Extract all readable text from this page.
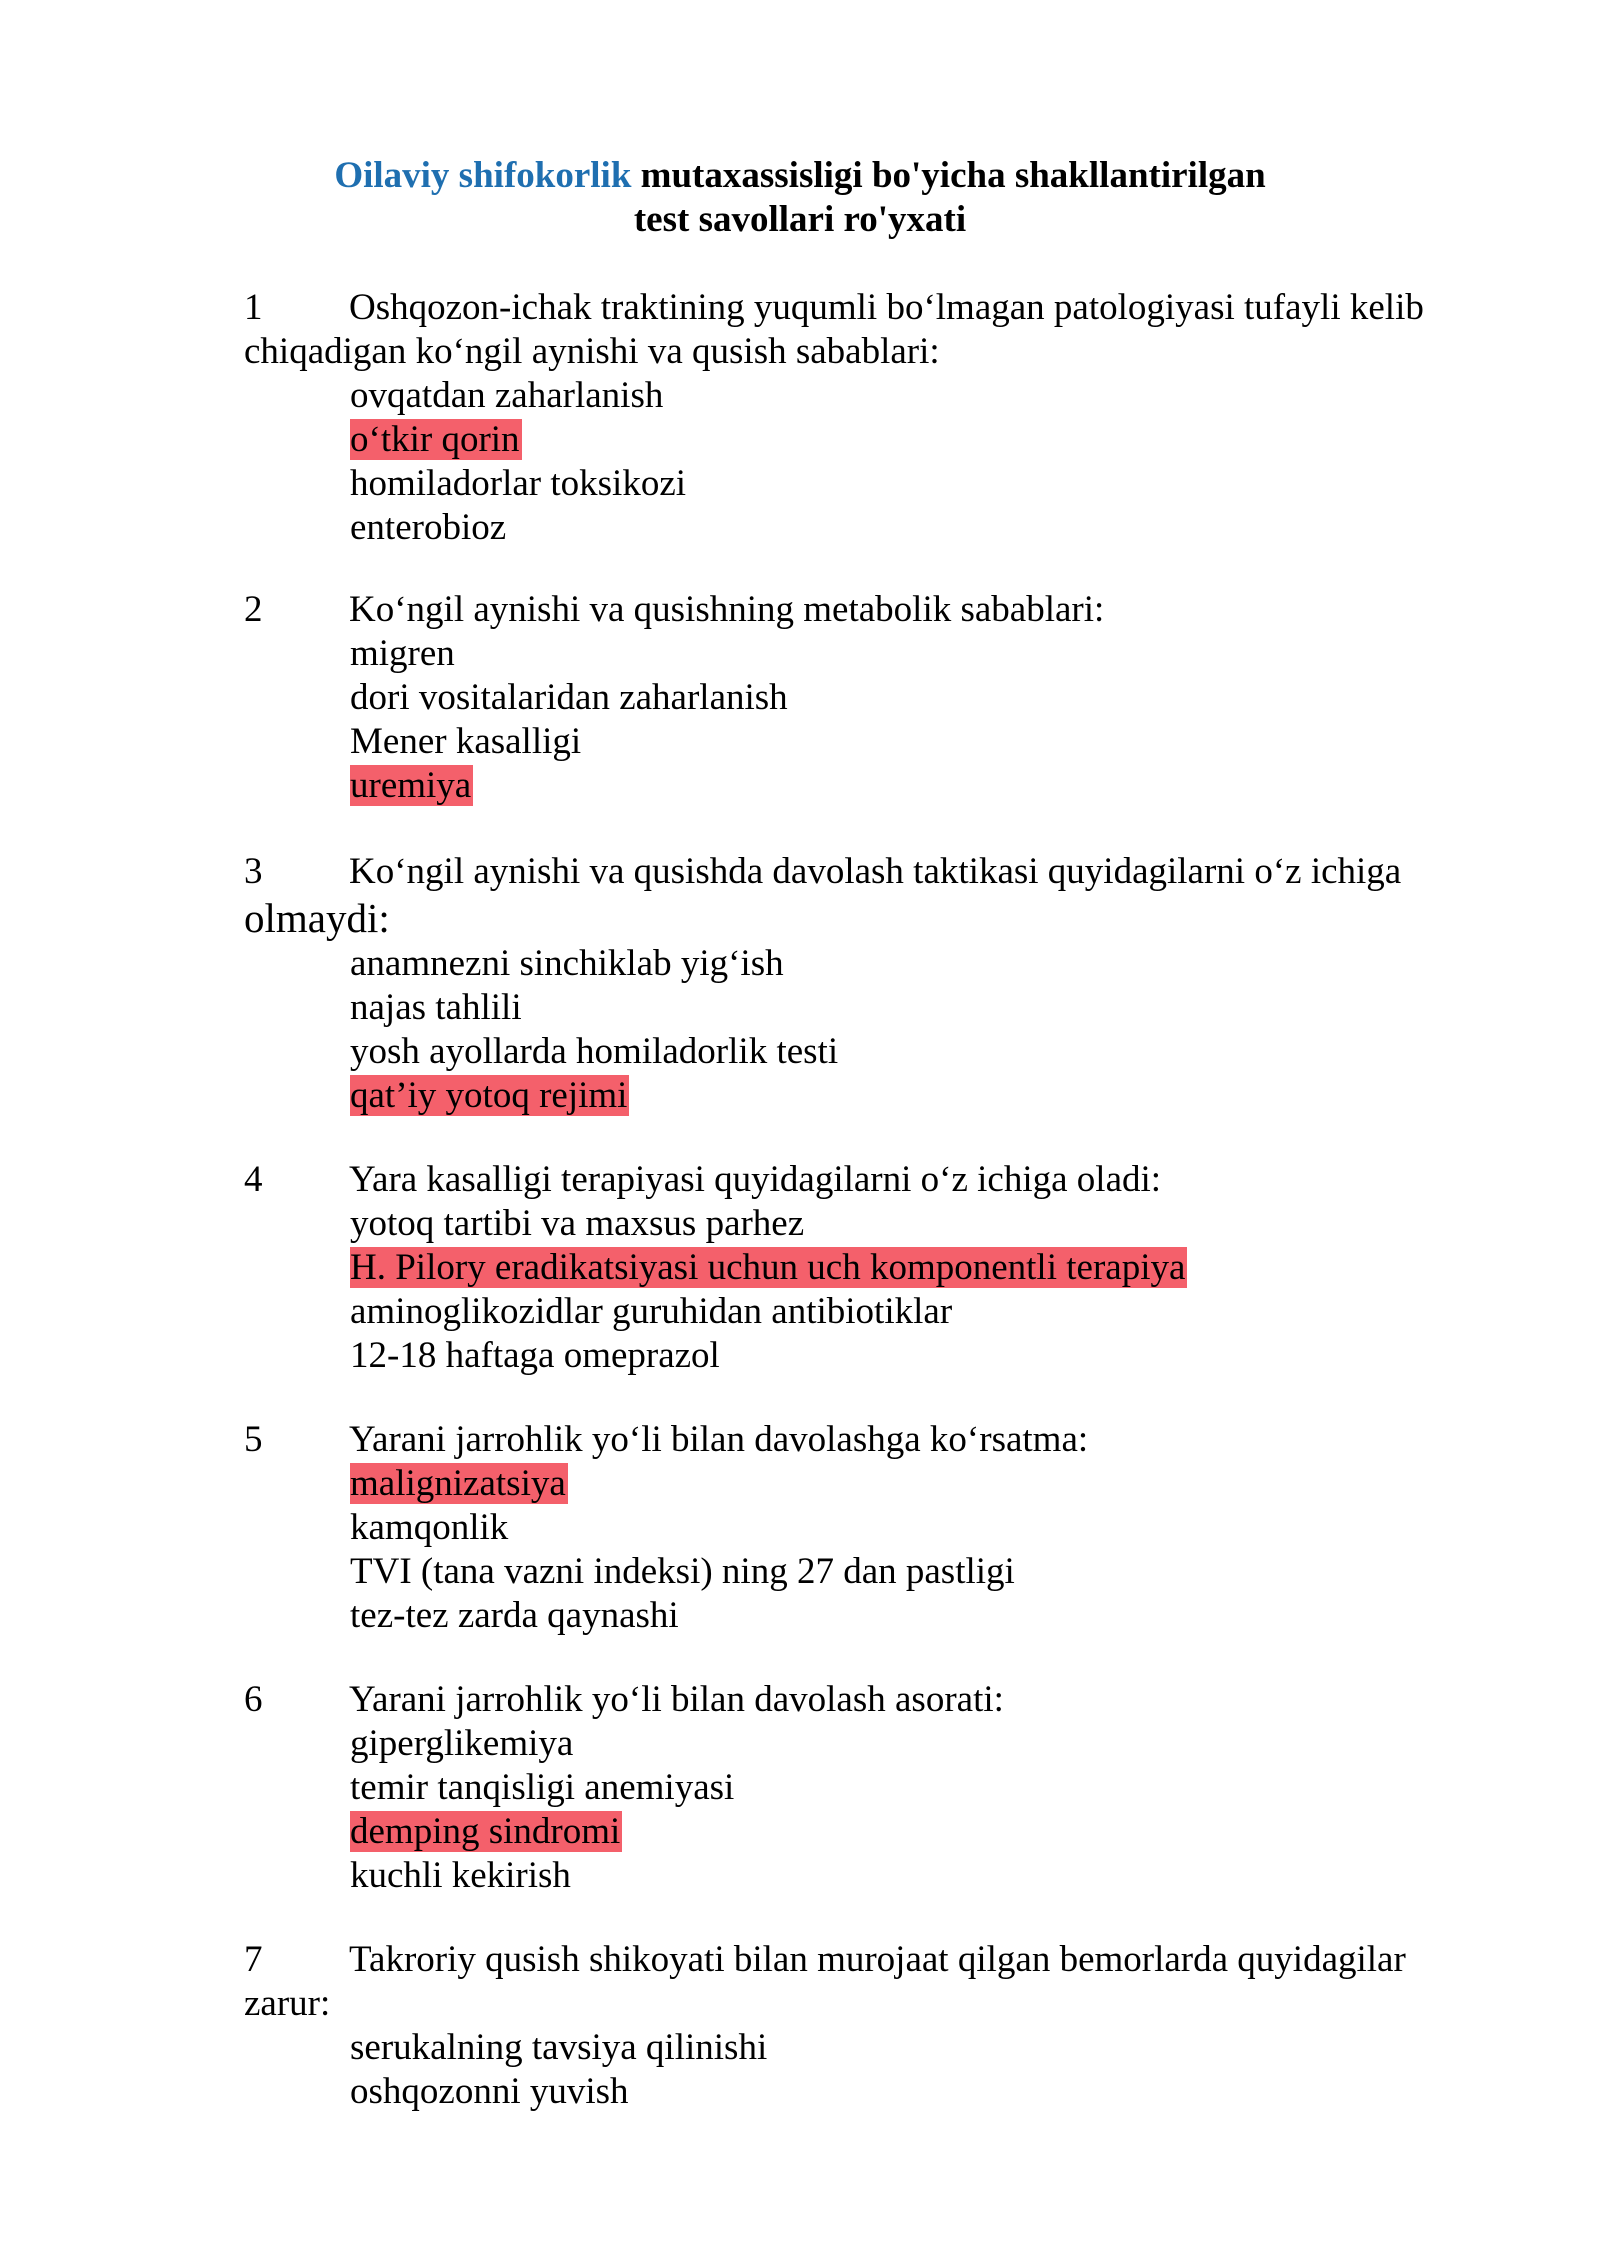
Oilaviy shifokorlik mutaxassisligi bo'yicha shakllantirilgan
test savollari ro'yxati
1	Oshqozon-ichak traktining yuqumli boʻlmagan patologiyasi tufayli kelib chiqadigan koʻngil aynishi va qusish sabablari:
ovqatdan zaharlanish
oʻtkir qorin
homiladorlar toksikozi
enterobioz
2	Koʻngil aynishi va qusishning metabolik sabablari:
migren
dori vositalaridan zaharlanish
Mener kasalligi
uremiya
3	Koʻngil aynishi va qusishda davolash taktikasi quyidagilarni oʻz ichiga
olmaydi:
anamnezni sinchiklab yigʻish
najas tahlili
yosh ayollarda homiladorlik testi
qatʼiy yotoq rejimi
4	Yara kasalligi terapiyasi quyidagilarni oʻz ichiga oladi:
yotoq tartibi va maxsus parhez
H. Pilory eradikatsiyasi uchun uch komponentli terapiya
aminoglikozidlar guruhidan antibiotiklar
12-18 haftaga omeprazol
5	Yarani jarrohlik yoʻli bilan davolashga koʻrsatma:
malignizatsiya
kamqonlik
TVI (tana vazni indeksi) ning 27 dan pastligi
tez-tez zarda qaynashi
6	Yarani jarrohlik yoʻli bilan davolash asorati:
giperglikemiya
temir tanqisligi anemiyasi
demping sindromi
kuchli kekirish
7	Takroriy qusish shikoyati bilan murojaat qilgan bemorlarda quyidagilar zarur:
serukalning tavsiya qilinishi
oshqozonni yuvish
